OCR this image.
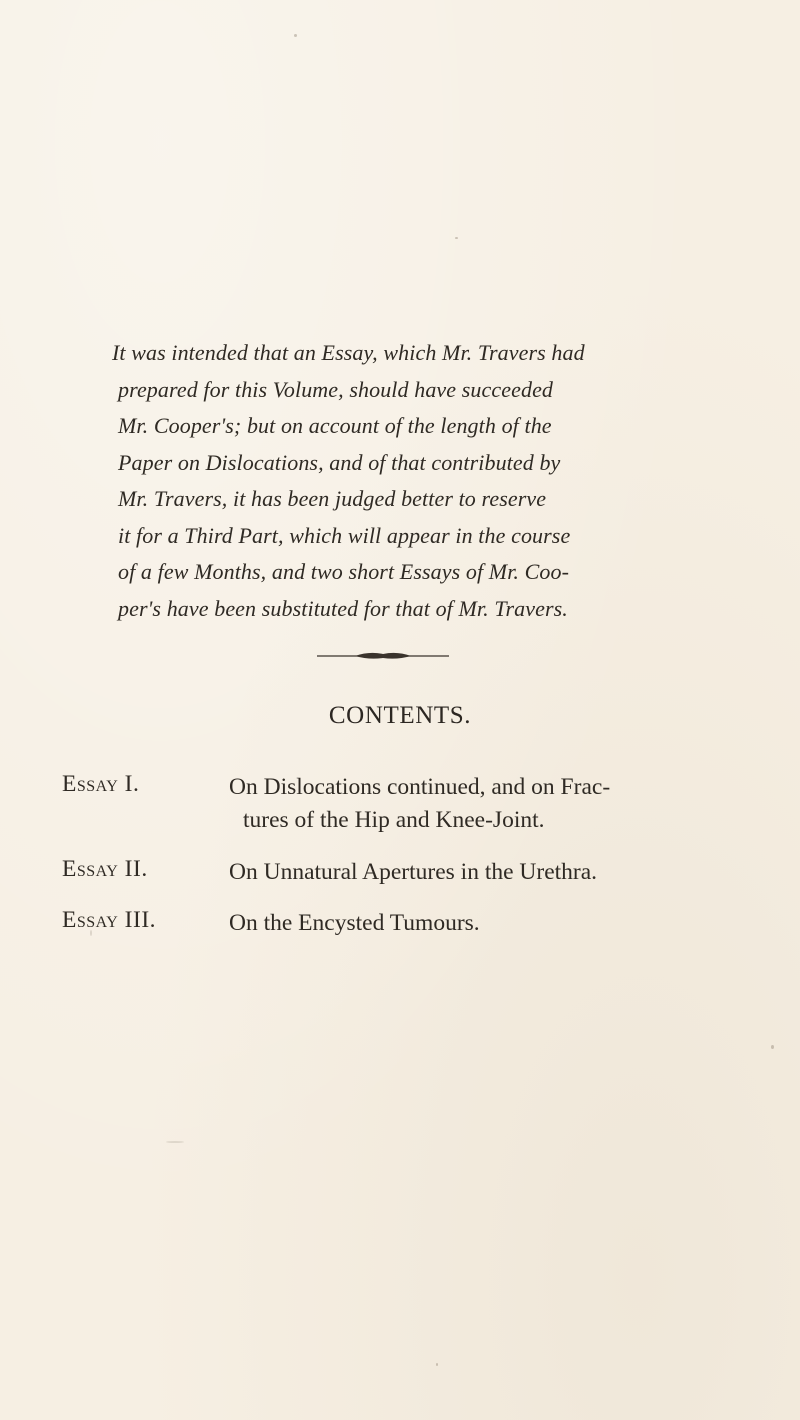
It was intended that an Essay, which Mr. Travers had
prepared for this Volume, should have succeeded
Mr. Cooper's; but on account of the length of the
Paper on Dislocations, and of that contributed by
Mr. Travers, it has been judged better to reserve
it for a Third Part, which will appear in the course
of a few Months, and two short Essays of Mr. Coo-
per's have been substituted for that of Mr. Travers.
CONTENTS.
Essay I.	On Dislocations continued, and on Frac-
tures of the Hip and Knee-Joint.
Essay II.	On Unnatural Apertures in the Urethra.
Essay III.	On the Encysted Tumours.
